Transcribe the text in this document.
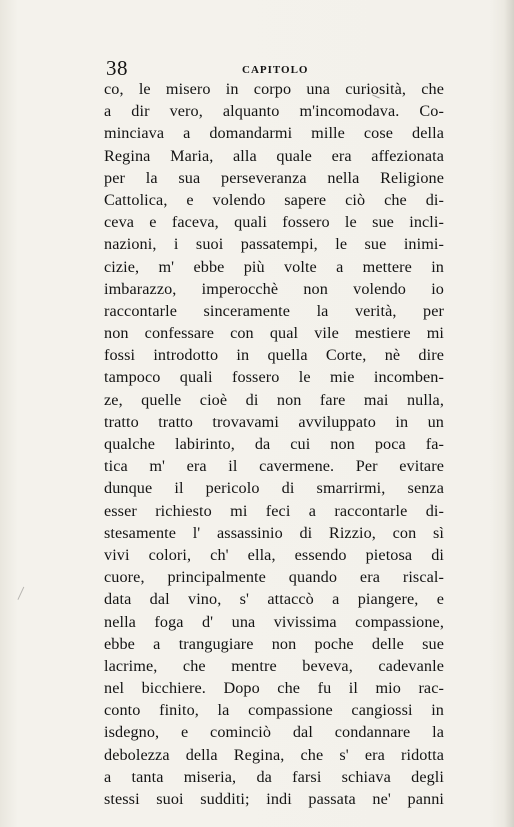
38	CAPITOLO
co, le misero in corpo una curiosità, che
a dir vero, alquanto m'incomodava. Co-
minciava a domandarmi mille cose della
Regina Maria, alla quale era affezionata
per la sua perseveranza nella Religione
Cattolica, e volendo sapere ciò che di-
ceva e faceva, quali fossero le sue incli-
nazioni, i suoi passatempi, le sue inimi-
cizie, m' ebbe più volte a mettere in
imbarazzo, imperocchè non volendo io
raccontarle sinceramente la verità, per
non confessare con qual vile mestiere mi
fossi introdotto in quella Corte, nè dire
tampoco quali fossero le mie incomben-
ze, quelle cioè di non fare mai nulla,
tratto tratto trovavami avviluppato in un
qualche labirinto, da cui non poca fa-
tica m' era il cavermene. Per evitare
dunque il pericolo di smarrirmi, senza
esser richiesto mi feci a raccontarle di-
stesamente l' assassinio di Rizzio, con sì
vivi colori, ch' ella, essendo pietosa di
cuore, principalmente quando era riscal-
data dal vino, s' attaccò a piangere, e
nella foga d' una vivissima compassione,
ebbe a trangugiare non poche delle sue
lacrime, che mentre beveva, cadevanle
nel bicchiere. Dopo che fu il mio rac-
conto finito, la compassione cangiossi in
isdegno, e cominciò dal condannare la
debolezza della Regina, che s' era ridotta
a tanta miseria, da farsi schiava degli
stessi suoi sudditi; indi passata ne' panni
